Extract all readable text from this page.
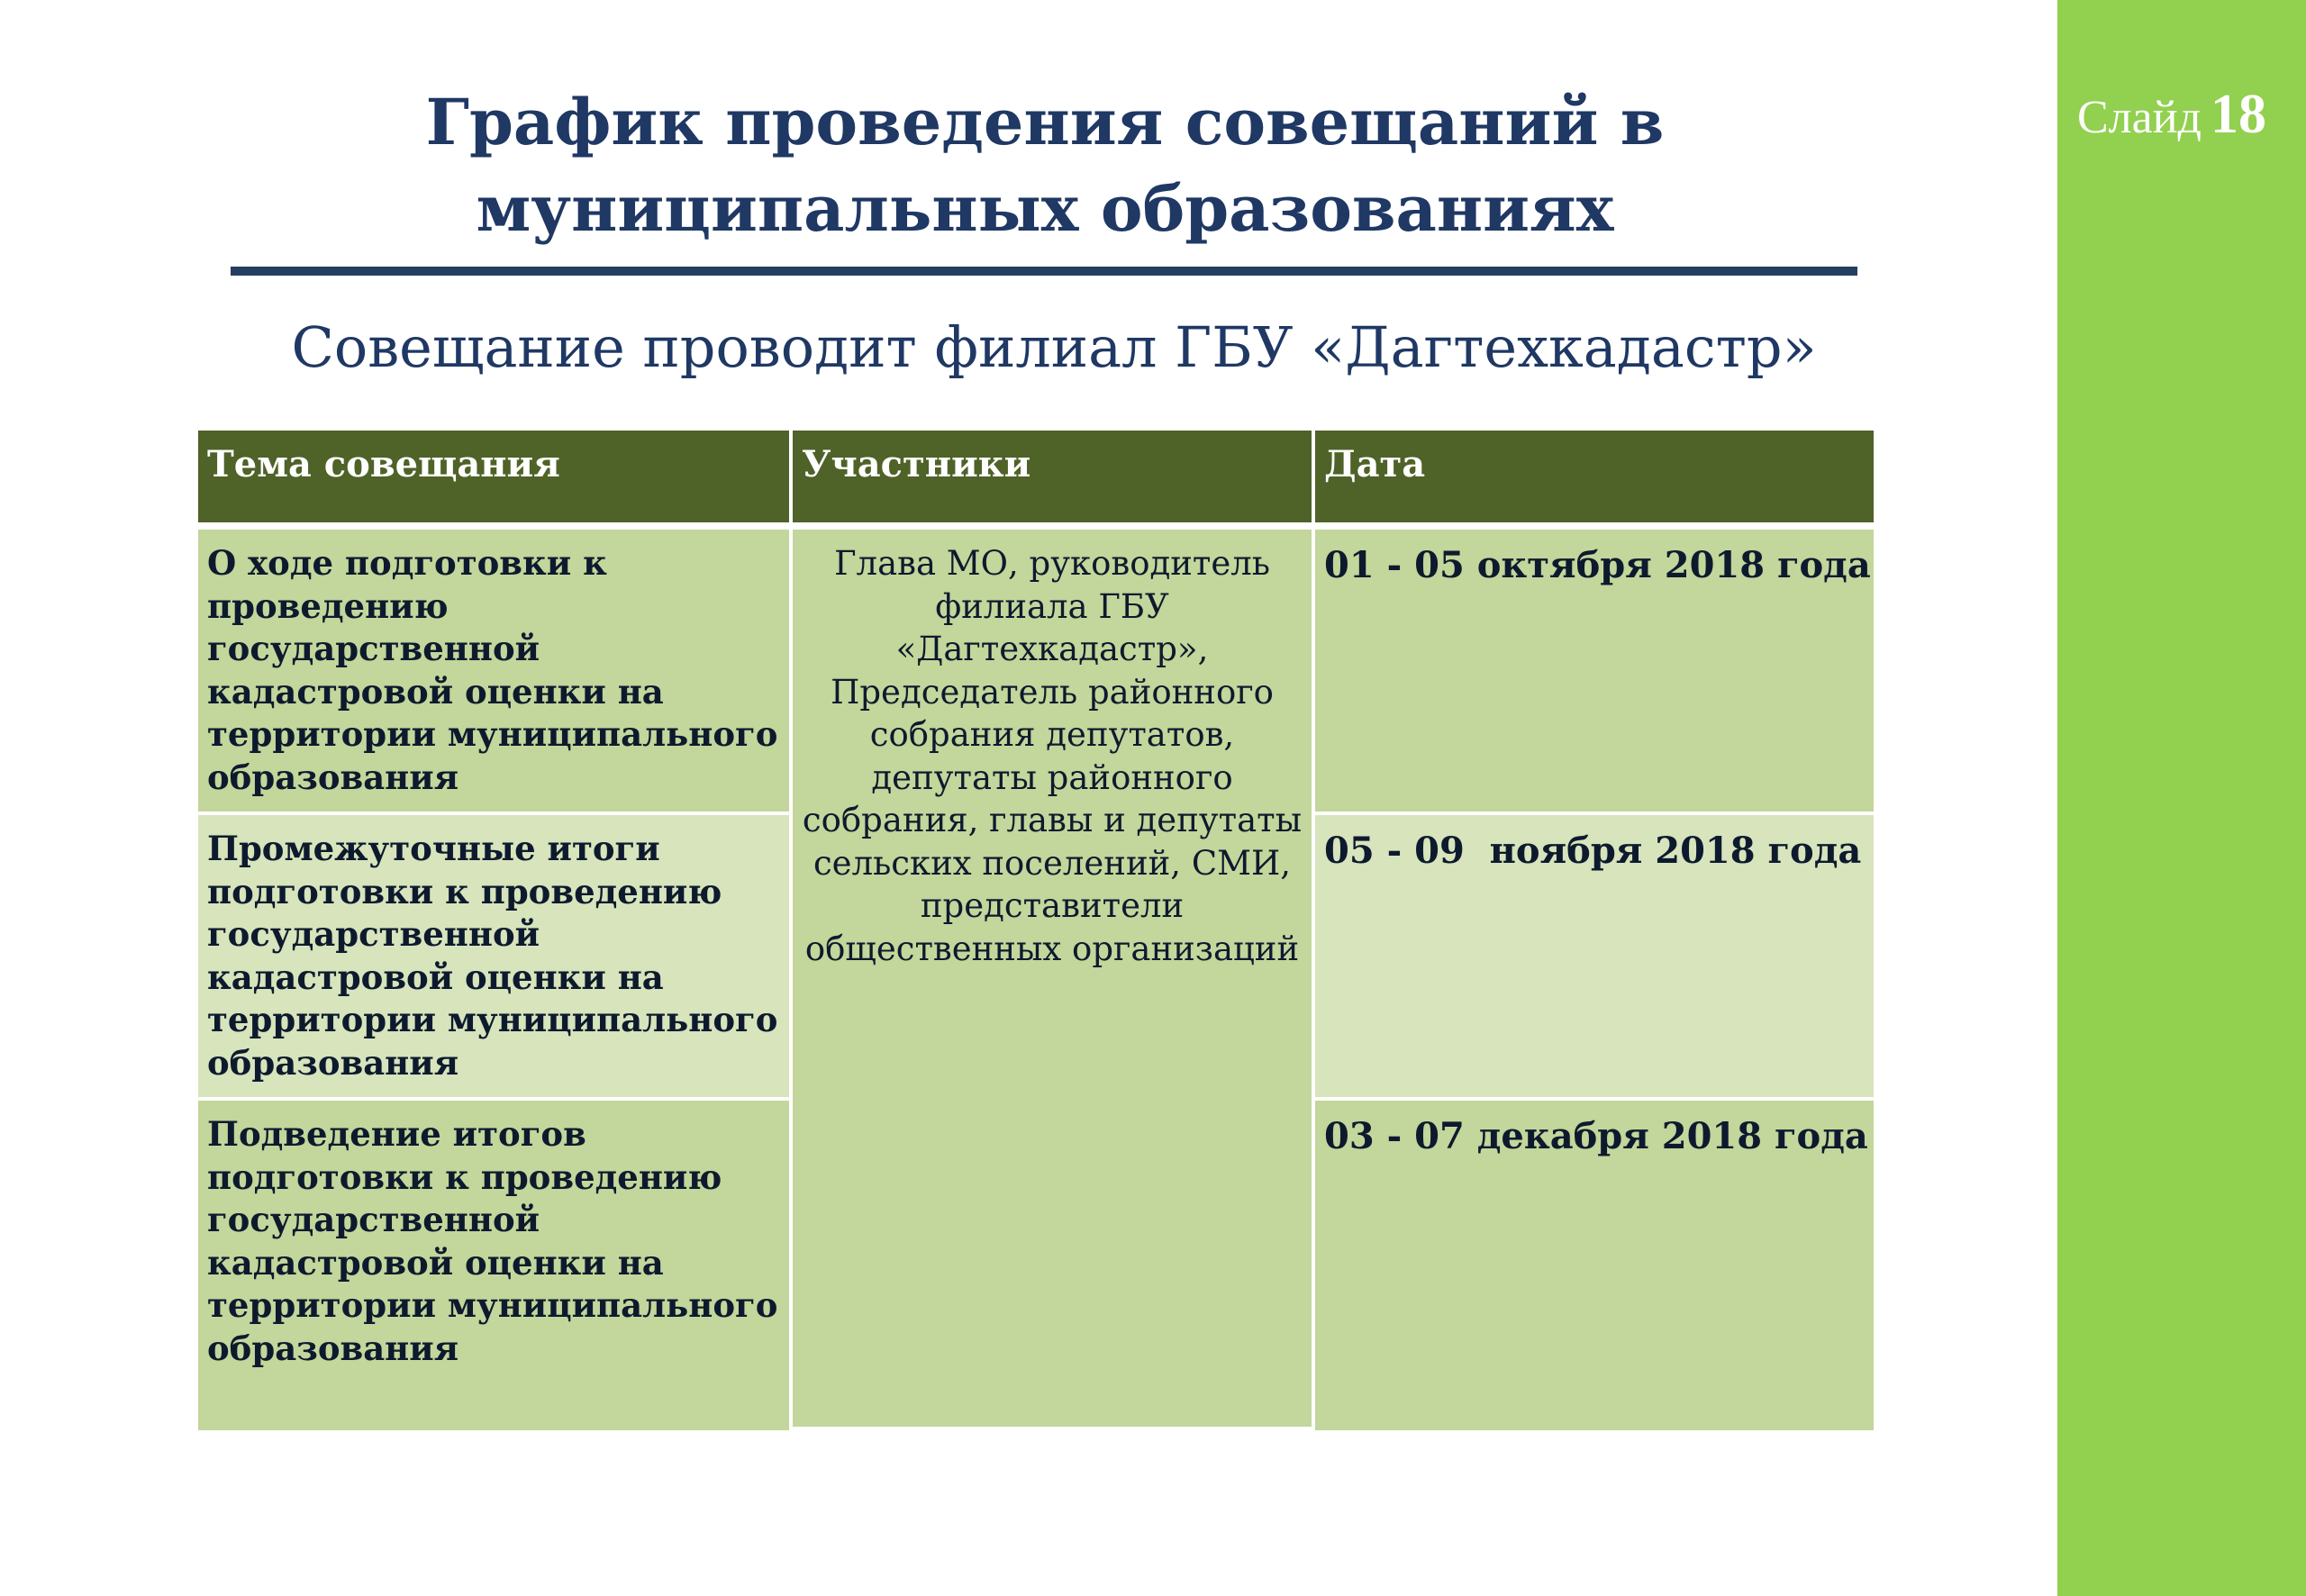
Слайд 18
График проведения совещаний в
муниципальных образованиях

Совещание проводит филиал ГБУ «Дагтехкадастр»

Тема совещания	Участники	Дата
О ходе подготовки к проведению государственной кадастровой оценки на территории муниципального образования	Глава МО, руководитель филиала ГБУ «Дагтехкадастр», Председатель районного собрания депутатов, депутаты районного собрания, главы и депутаты сельских поселений, СМИ, представители общественных организаций	01 - 05 октября 2018 года
Промежуточные итоги подготовки к проведению государственной кадастровой оценки на территории муниципального образования		05 - 09  ноября 2018 года
Подведение итогов подготовки к проведению государственной кадастровой оценки на территории муниципального образования		03 - 07 декабря 2018 года
